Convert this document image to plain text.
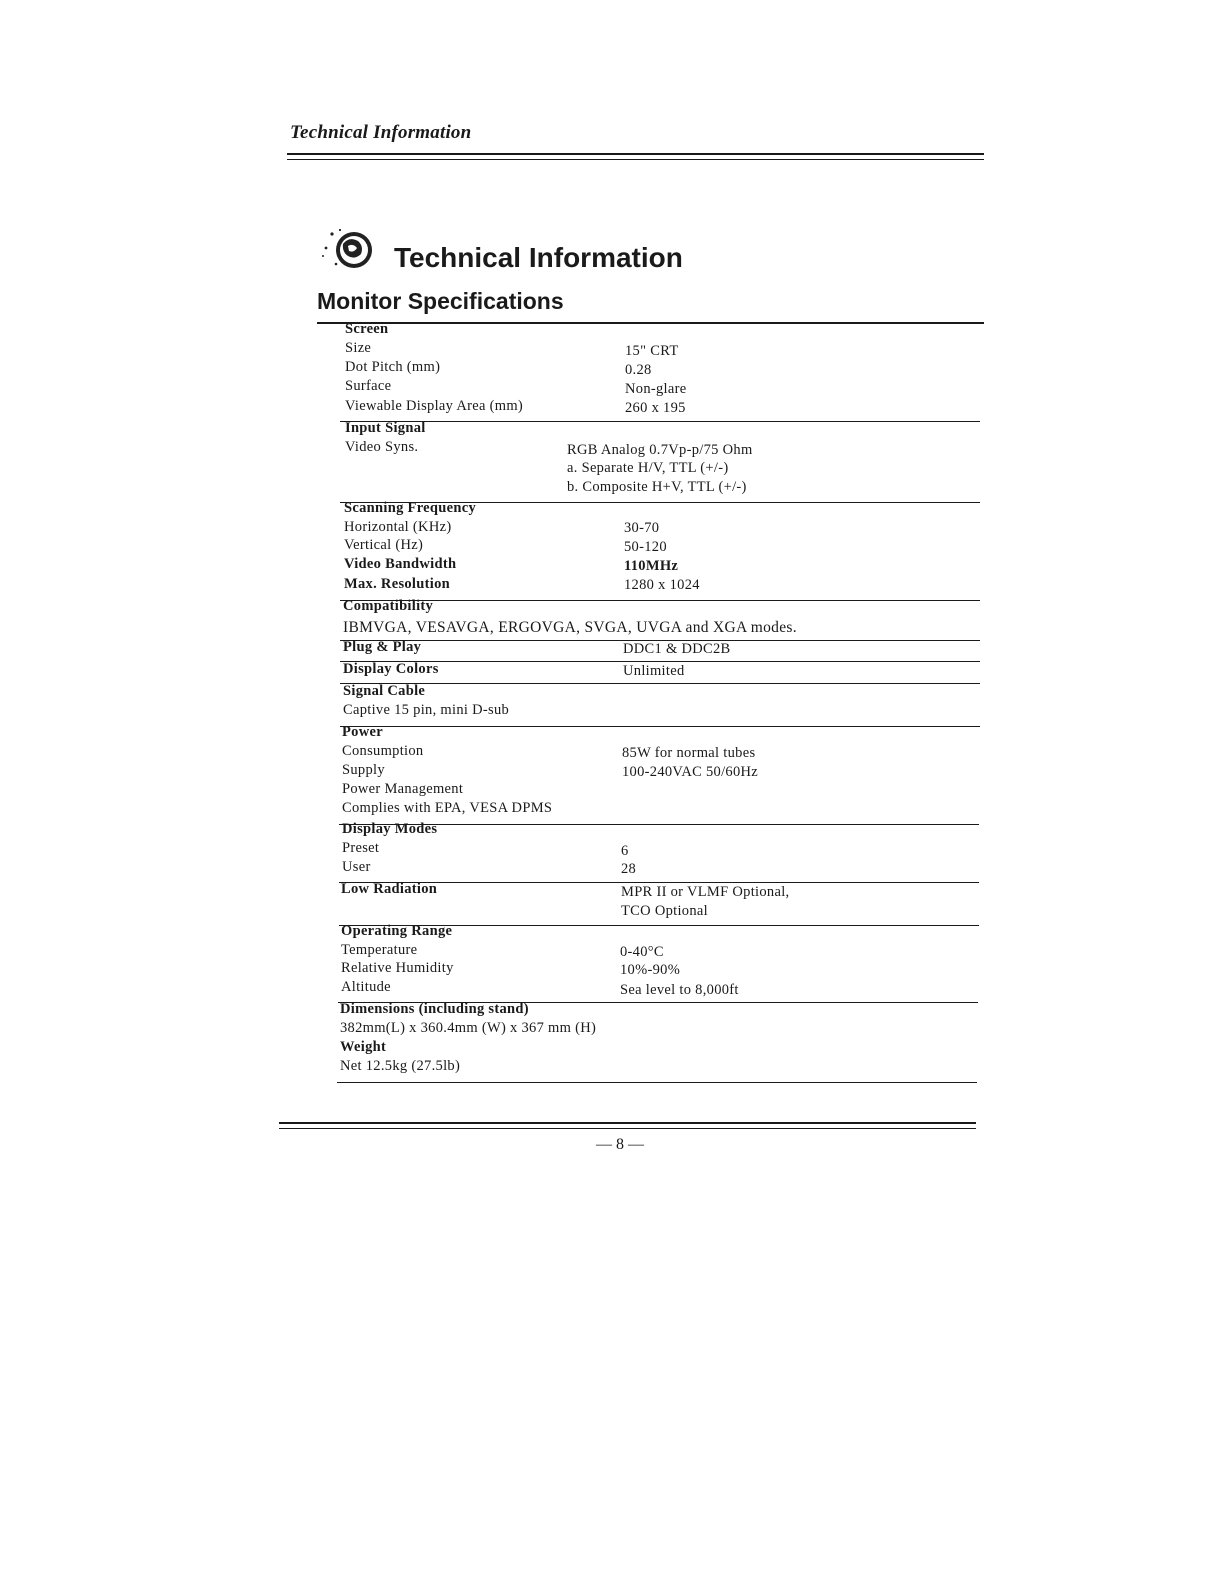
Technical Information
Technical Information
Monitor Specifications
Screen
Size	15" CRT
Dot Pitch (mm)	0.28
Surface	Non-glare
Viewable Display Area (mm)	260 x 195
Input Signal
Video Syns.	RGB Analog 0.7Vp-p/75 Ohm
a. Separate H/V, TTL (+/-)
b. Composite H+V, TTL (+/-)
Scanning Frequency
Horizontal (KHz)	30-70
Vertical (Hz)	50-120
Video Bandwidth	110MHz
Max. Resolution	1280 x 1024
Compatibility
IBMVGA, VESAVGA, ERGOVGA, SVGA, UVGA and XGA modes.
Plug & Play	DDC1 & DDC2B
Display Colors	Unlimited
Signal Cable
Captive 15 pin, mini D-sub
Power
Consumption	85W for normal tubes
Supply	100-240VAC 50/60Hz
Power Management
Complies with EPA, VESA DPMS
Display Modes
Preset	6
User	28
Low Radiation	MPR II or VLMF Optional,
TCO Optional
Operating Range
Temperature	0-40°C
Relative Humidity	10%-90%
Altitude	Sea level to 8,000ft
Dimensions (including stand)
382mm(L) x 360.4mm (W) x 367 mm (H)
Weight
Net 12.5kg (27.5lb)
— 8 —
